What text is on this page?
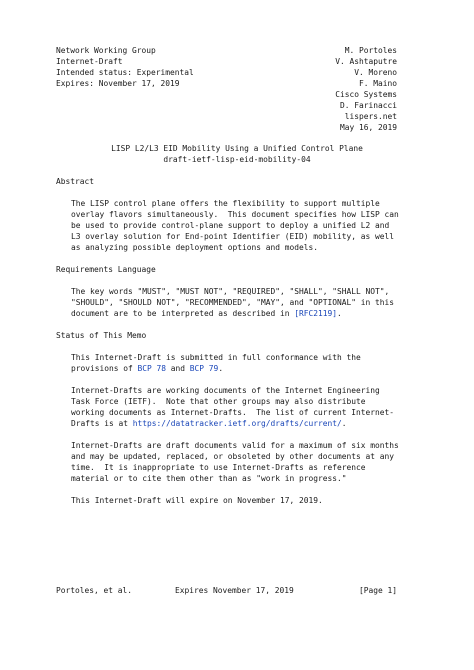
Network Working Group
Internet-Draft
Intended status: Experimental
Expires: November 17, 2019
M. Portoles
V. Ashtaputre
V. Moreno
F. Maino
Cisco Systems
D. Farinacci
lispers.net
May 16, 2019
LISP L2/L3 EID Mobility Using a Unified Control Plane
draft-ietf-lisp-eid-mobility-04
Abstract
The LISP control plane offers the flexibility to support multiple
overlay flavors simultaneously.  This document specifies how LISP can
be used to provide control-plane support to deploy a unified L2 and
L3 overlay solution for End-point Identifier (EID) mobility, as well
as analyzing possible deployment options and models.
Requirements Language
The key words "MUST", "MUST NOT", "REQUIRED", "SHALL", "SHALL NOT",
"SHOULD", "SHOULD NOT", "RECOMMENDED", "MAY", and "OPTIONAL" in this
document are to be interpreted as described in [RFC2119].
Status of This Memo
This Internet-Draft is submitted in full conformance with the
provisions of BCP 78 and BCP 79.
Internet-Drafts are working documents of the Internet Engineering
Task Force (IETF).  Note that other groups may also distribute
working documents as Internet-Drafts.  The list of current Internet-
Drafts is at https://datatracker.ietf.org/drafts/current/.
Internet-Drafts are draft documents valid for a maximum of six months
and may be updated, replaced, or obsoleted by other documents at any
time.  It is inappropriate to use Internet-Drafts as reference
material or to cite them other than as "work in progress."
This Internet-Draft will expire on November 17, 2019.
Portoles, et al.	Expires November 17, 2019	[Page 1]
